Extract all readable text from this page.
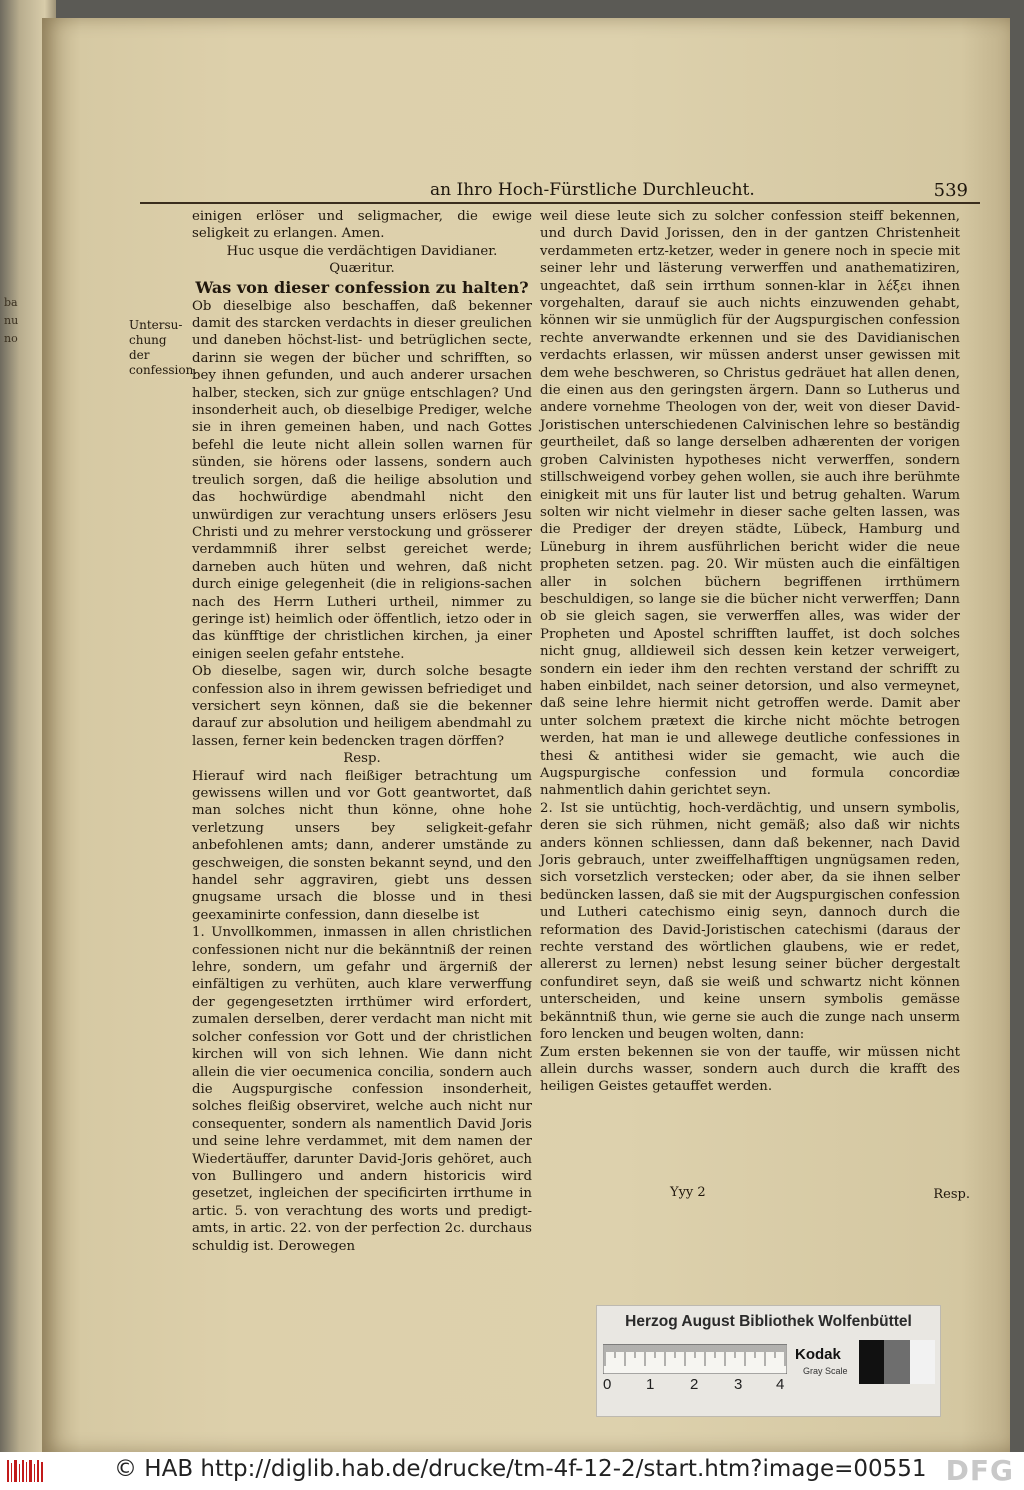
ba
nu
no
an Ihro Hoch-Fürstliche Durchleucht.	539
Untersu-
chung der
confession.

einigen erlöser und seligmacher, die ewige seligkeit zu erlangen. Amen.

Huc usque die verdächtigen Davidianer.

Quæritur.

Was von dieser confession zu halten?

Ob dieselbige also beschaffen, daß bekenner damit des starcken verdachts in dieser greulichen und daneben höchst-list- und betrüglichen secte, darinn sie wegen der bücher und schrifften, so bey ihnen gefunden, und auch anderer ursachen halber, stecken, sich zur gnüge entschlagen? Und insonderheit auch, ob dieselbige Prediger, welche sie in ihren gemeinen haben, und nach Gottes befehl die leute nicht allein sollen warnen für sünden, sie hörens oder lassens, sondern auch treulich sorgen, daß die heilige absolution und das hochwürdige abendmahl nicht den unwürdigen zur verachtung unsers erlösers Jesu Christi und zu mehrer verstockung und grösserer verdammniß ihrer selbst gereichet werde; darneben auch hüten und wehren, daß nicht durch einige gelegenheit (die in religions-sachen nach des Herrn Lutheri urtheil, nimmer zu geringe ist) heimlich oder öffentlich, ietzo oder in das künfftige der christlichen kirchen, ja einer einigen seelen gefahr entstehe.

Ob dieselbe, sagen wir, durch solche besagte confession also in ihrem gewissen befriediget und versichert seyn können, daß sie die bekenner darauf zur absolution und heiligem abendmahl zu lassen, ferner kein bedencken tragen dörffen?

Resp.

Hierauf wird nach fleißiger betrachtung um gewissens willen und vor Gott geantwortet, daß man solches nicht thun könne, ohne hohe verletzung unsers bey seligkeit-gefahr anbefohlenen amts; dann, anderer umstände zu geschweigen, die sonsten bekannt seynd, und den handel sehr aggraviren, giebt uns dessen gnugsame ursach die blosse und in thesi geexaminirte confession, dann dieselbe ist

1. Unvollkommen, inmassen in allen christlichen confessionen nicht nur die bekänntniß der reinen lehre, sondern, um gefahr und ärgerniß der einfältigen zu verhüten, auch klare verwerffung der gegengesetzten irrthümer wird erfordert, zumalen derselben, derer verdacht man nicht mit solcher confession vor Gott und der christlichen kirchen will von sich lehnen. Wie dann nicht allein die vier oecumenica concilia, sondern auch die Augspurgische confession insonderheit, solches fleißig observiret, welche auch nicht nur consequenter, sondern als namentlich David Joris und seine lehre verdammet, mit dem namen der Wiedertäuffer, darunter David-Joris gehöret, auch von Bullingero und andern historicis wird gesetzet, ingleichen der specificirten irrthume in artic. 5. von verachtung des worts und predigt-amts, in artic. 22. von der perfection 2c. durchaus schuldig ist. Derowegen

weil diese leute sich zu solcher confession steiff bekennen, und durch David Jorissen, den in der gantzen Christenheit verdammeten ertz-ketzer, weder in genere noch in specie mit seiner lehr und lästerung verwerffen und anathematiziren, ungeachtet, daß sein irrthum sonnen-klar in λέξει ihnen vorgehalten, darauf sie auch nichts einzuwenden gehabt, können wir sie unmüglich für der Augspurgischen confession rechte anverwandte erkennen und sie des Davidianischen verdachts erlassen, wir müssen anderst unser gewissen mit dem wehe beschweren, so Christus gedräuet hat allen denen, die einen aus den geringsten ärgern. Dann so Lutherus und andere vornehme Theologen von der, weit von dieser David-Joristischen unterschiedenen Calvinischen lehre so beständig geurtheilet, daß so lange derselben adhærenten der vorigen groben Calvinisten hypotheses nicht verwerffen, sondern stillschweigend vorbey gehen wollen, sie auch ihre berühmte einigkeit mit uns für lauter list und betrug gehalten. Warum solten wir nicht vielmehr in dieser sache gelten lassen, was die Prediger der dreyen städte, Lübeck, Hamburg und Lüneburg in ihrem ausführlichen bericht wider die neue propheten setzen. pag. 20. Wir müsten auch die einfältigen aller in solchen büchern begriffenen irrthümern beschuldigen, so lange sie die bücher nicht verwerffen; Dann ob sie gleich sagen, sie verwerffen alles, was wider der Propheten und Apostel schrifften lauffet, ist doch solches nicht gnug, alldieweil sich dessen kein ketzer verweigert, sondern ein ieder ihm den rechten verstand der schrifft zu haben einbildet, nach seiner detorsion, und also vermeynet, daß seine lehre hiermit nicht getroffen werde. Damit aber unter solchem prætext die kirche nicht möchte betrogen werden, hat man ie und allewege deutliche confessiones in thesi & antithesi wider sie gemacht, wie auch die Augspurgische confession und formula concordiæ nahmentlich dahin gerichtet seyn.

2. Ist sie untüchtig, hoch-verdächtig, und unsern symbolis, deren sie sich rühmen, nicht gemäß; also daß wir nichts anders können schliessen, dann daß bekenner, nach David Joris gebrauch, unter zweiffelhafftigen ungnügsamen reden, sich vorsetzlich verstecken; oder aber, da sie ihnen selber bedüncken lassen, daß sie mit der Augspurgischen confession und Lutheri catechismo einig seyn, dannoch durch die reformation des David-Joristischen catechismi (daraus der rechte verstand des wörtlichen glaubens, wie er redet, allererst zu lernen) nebst lesung seiner bücher dergestalt confundiret seyn, daß sie weiß und schwartz nicht können unterscheiden, und keine unsern symbolis gemässe bekänntniß thun, wie gerne sie auch die zunge nach unserm foro lencken und beugen wolten, dann:

Zum ersten bekennen sie von der tauffe, wir müssen nicht allein durchs wasser, sondern auch durch die krafft des heiligen Geistes getauffet werden.

Yyy 2	Resp.
Herzog August Bibliothek Wolfenbüttel
0 1 2 3 4
Kodak
Gray Scale
© HAB http://diglib.hab.de/drucke/tm-4f-12-2/start.htm?image=00551 DFG
